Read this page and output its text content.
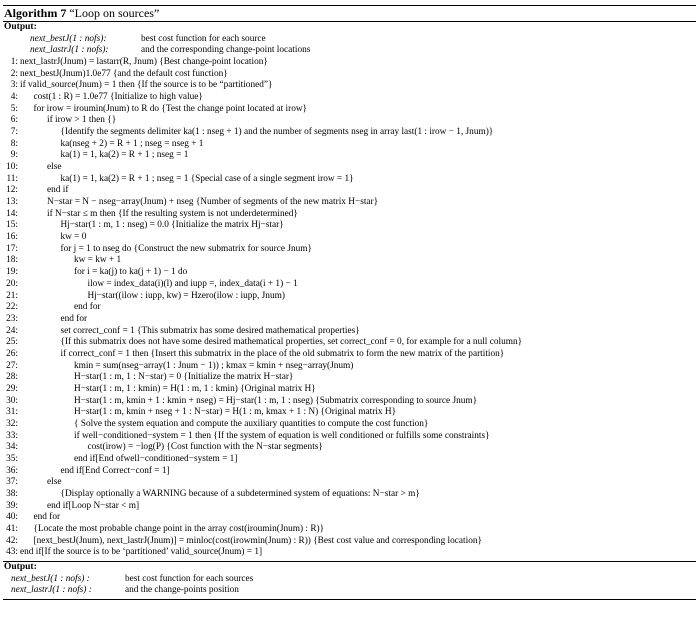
Algorithm 7 “Loop on sources”
Output:
next_bestJ(1 : nofs):	best cost function for each source
next_lastrJ(1 : nofs):	and the corresponding change-point locations
1: next_lastrJ(Jnum) = lastarr(R, Jnum) {Best change-point location}
2: next_bestJ(Jnum)1.0e77 {and the default cost function}
3: if valid_source(Jnum) = 1 then {If the source is to be “partitioned”}
4: cost(1 : R) = 1.0e77 {Initialize to high value}
5: for irow = iroumin(Jnum) to R do {Test the change point located at irow}
6:	if irow > 1 then {}
7:	{Identify the segments delimiter ka(1 : nseg + 1) and the number of segments nseg in array last(1 : irow − 1, Jnum)}
8:	ka(nseg + 2) = R + 1 ; nseg = nseg + 1
9:	ka(1) = 1, ka(2) = R + 1 ; nseg = 1
10:	else
11:	ka(1) = 1, ka(2) = R + 1 ; nseg = 1 {Special case of a single segment irow = 1}
12:	end if
13:	N−star = N − nseg−array(Jnum) + nseg {Number of segments of the new matrix H−star}
14:	if N−star ≤ m then {If the resulting system is not underdetermined}
15:	Hj−star(1 : m, 1 : nseg) = 0.0 {Initialize the matrix Hj−star}
16:	kw = 0
17:	for j = 1 to nseg do {Construct the new submatrix for source Jnum}
18:	kw = kw + 1
19:	for i = ka(j) to ka(j + 1) − 1 do
20:	ilow = index_data(i)(l) and iupp =, index_data(i + 1) − 1
21:	Hj−star((ilow : iupp, kw) = Hzero(ilow : iupp, Jnum)
22:	end for
23:	end for
24:	set correct_conf = 1 {This submatrix has some desired mathematical properties}
25:	{If this submatrix does not have some desired mathematical properties, set correct_conf = 0, for example for a null column}
26:	if correct_conf = 1 then {Insert this submatrix in the place of the old submatrix to form the new matrix of the partition}
27:	kmin = sum(nseg−array(1 : Jnum − 1)) ; kmax = kmin + nseg−array(Jnum)
28:	H−star(1 : m, 1 : N−star) = 0 {Initialize the matrix H−star}
29:	H−star(1 : m, 1 : kmin) = H(1 : m, 1 : kmin) {Original matrix H}
30:	H−star(1 : m, kmin + 1 : kmin + nseg) = Hj−star(1 : m, 1 : nseg) {Submatrix corresponding to source Jnum}
31:	H−star(1 : m, kmin + nseg + 1 : N−star) = H(1 : m, kmax + 1 : N) {Original matrix H}
32:	{ Solve the system equation and compute the auxiliary quantities to compute the cost function}
33:	if well−conditioned−system = 1 then {If the system of equation is well conditioned or fulfills some constraints}
34:	cost(irow) = −log(P) {Cost function with the N−star segments}
35:	end if[End ofwell−conditioned−system = 1]
36:	end if[End Correct−conf = 1]
37:	else
38:	{Display optionally a WARNING because of a subdetermined system of equations: N−star > m}
39:	end if[Loop N−star < m]
40: end for
41: {Locate the most probable change point in the array cost(iroumin(Jnum) : R)}
42: [next_bestJ(Jnum), next_lastrJ(Jnum)] = minloc(cost(irowmin(Jnum) : R)) {Best cost value and corresponding location}
43: end if[If the source is to be ‘partitioned’ valid_source(Jnum) = 1]
Output:
next_bestJ(1 : nofs) :	best cost function for each sources
next_lastrJ(1 : nofs) :	and the change-points position
